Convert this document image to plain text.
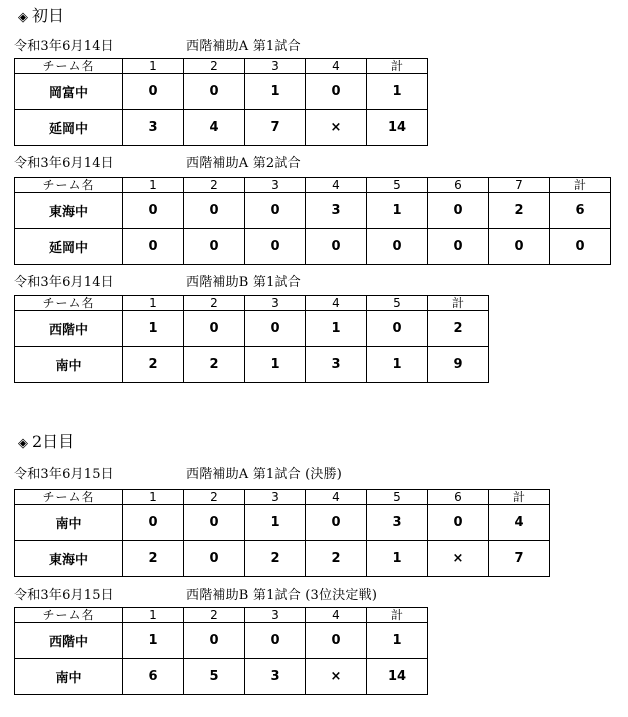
◈ 初日
令和3年6月14日	西階補助A 第1試合
チーム名	1	2	3	4	計
岡富中	0	0	1	0	1
延岡中	3	4	7	×	14
令和3年6月14日	西階補助A 第2試合
チーム名	1	2	3	4	5	6	7	計
東海中	0	0	0	3	1	0	2	6
延岡中	0	0	0	0	0	0	0	0
令和3年6月14日	西階補助B 第1試合
チーム名	1	2	3	4	5	計
西階中	1	0	0	1	0	2
南中	2	2	1	3	1	9
◈ 2日目
令和3年6月15日	西階補助A 第1試合 (決勝)
チーム名	1	2	3	4	5	6	計
南中	0	0	1	0	3	0	4
東海中	2	0	2	2	1	×	7
令和3年6月15日	西階補助B 第1試合 (3位決定戦)
チーム名	1	2	3	4	計
西階中	1	0	0	0	1
南中	6	5	3	×	14
